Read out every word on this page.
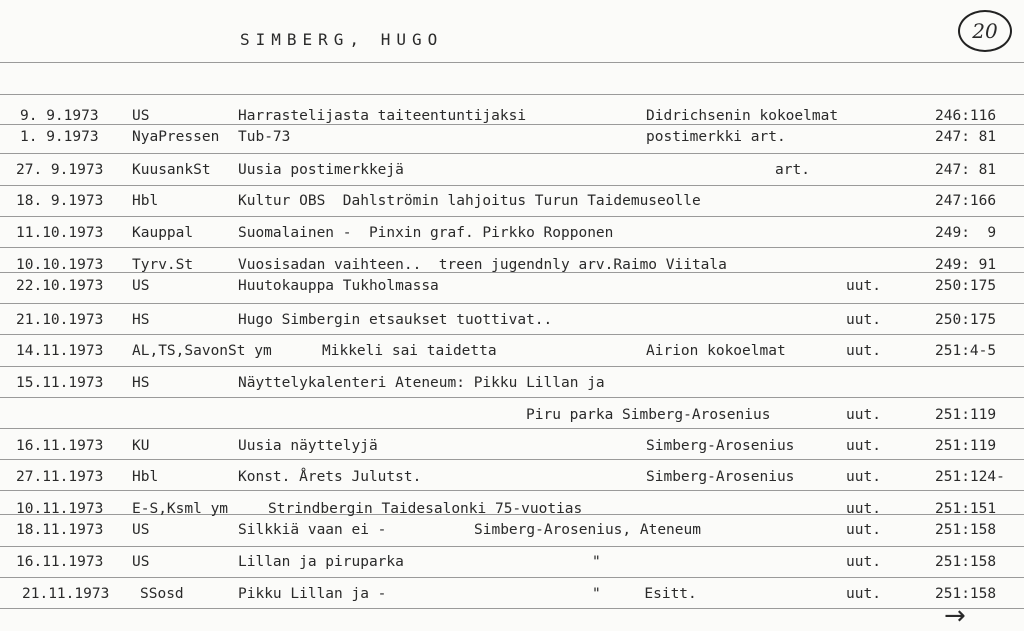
SIMBERG, HUGO	20
9. 9.1973 US	Harrastelijasta taiteentuntijaksi	Didrichsenin kokoelmat	246:116
1. 9.1973 NyaPressen Tub-73	postimerkki art.	247: 81
27. 9.1973 KuusankSt Uusia postimerkkejä	art.	247: 81
18. 9.1973 Hbl	Kultur OBS  Dahlströmin lahjoitus Turun Taidemuseolle	247:166
11.10.1973 Kauppal	Suomalainen -  Pinxin graf. Pirkko Ropponen	249:  9
10.10.1973 Tyrv.St	Vuosisadan vaihteen..  treen jugendnly arv.Raimo Viitala	249: 91
22.10.1973 US	Huutokauppa Tukholmassa	uut.	250:175
21.10.1973 HS	Hugo Simbergin etsaukset tuottivat..	uut.	250:175
14.11.1973 AL,TS,SavonSt ym	Mikkeli sai taidetta	Airion kokoelmat	uut.	251:4-5
15.11.1973 HS	Näyttelykalenteri Ateneum: Pikku Lillan ja
Piru parka Simberg-Arosenius	uut.	251:119
16.11.1973 KU	Uusia näyttelyjä	Simberg-Arosenius	uut.	251:119
27.11.1973 Hbl	Konst. Årets Julutst.	Simberg-Arosenius	uut.	251:124-
10.11.1973 E-S,Ksml ym	Strindbergin Taidesalonki 75-vuotias	uut.	251:151
18.11.1973 US	Silkkiä vaan ei -	Simberg-Arosenius, Ateneum	uut.	251:158
16.11.1973 US	Lillan ja piruparka	"	uut.	251:158
21.11.1973 SSosd	Pikku Lillan ja -	"     Esitt.	uut.	251:158
→
